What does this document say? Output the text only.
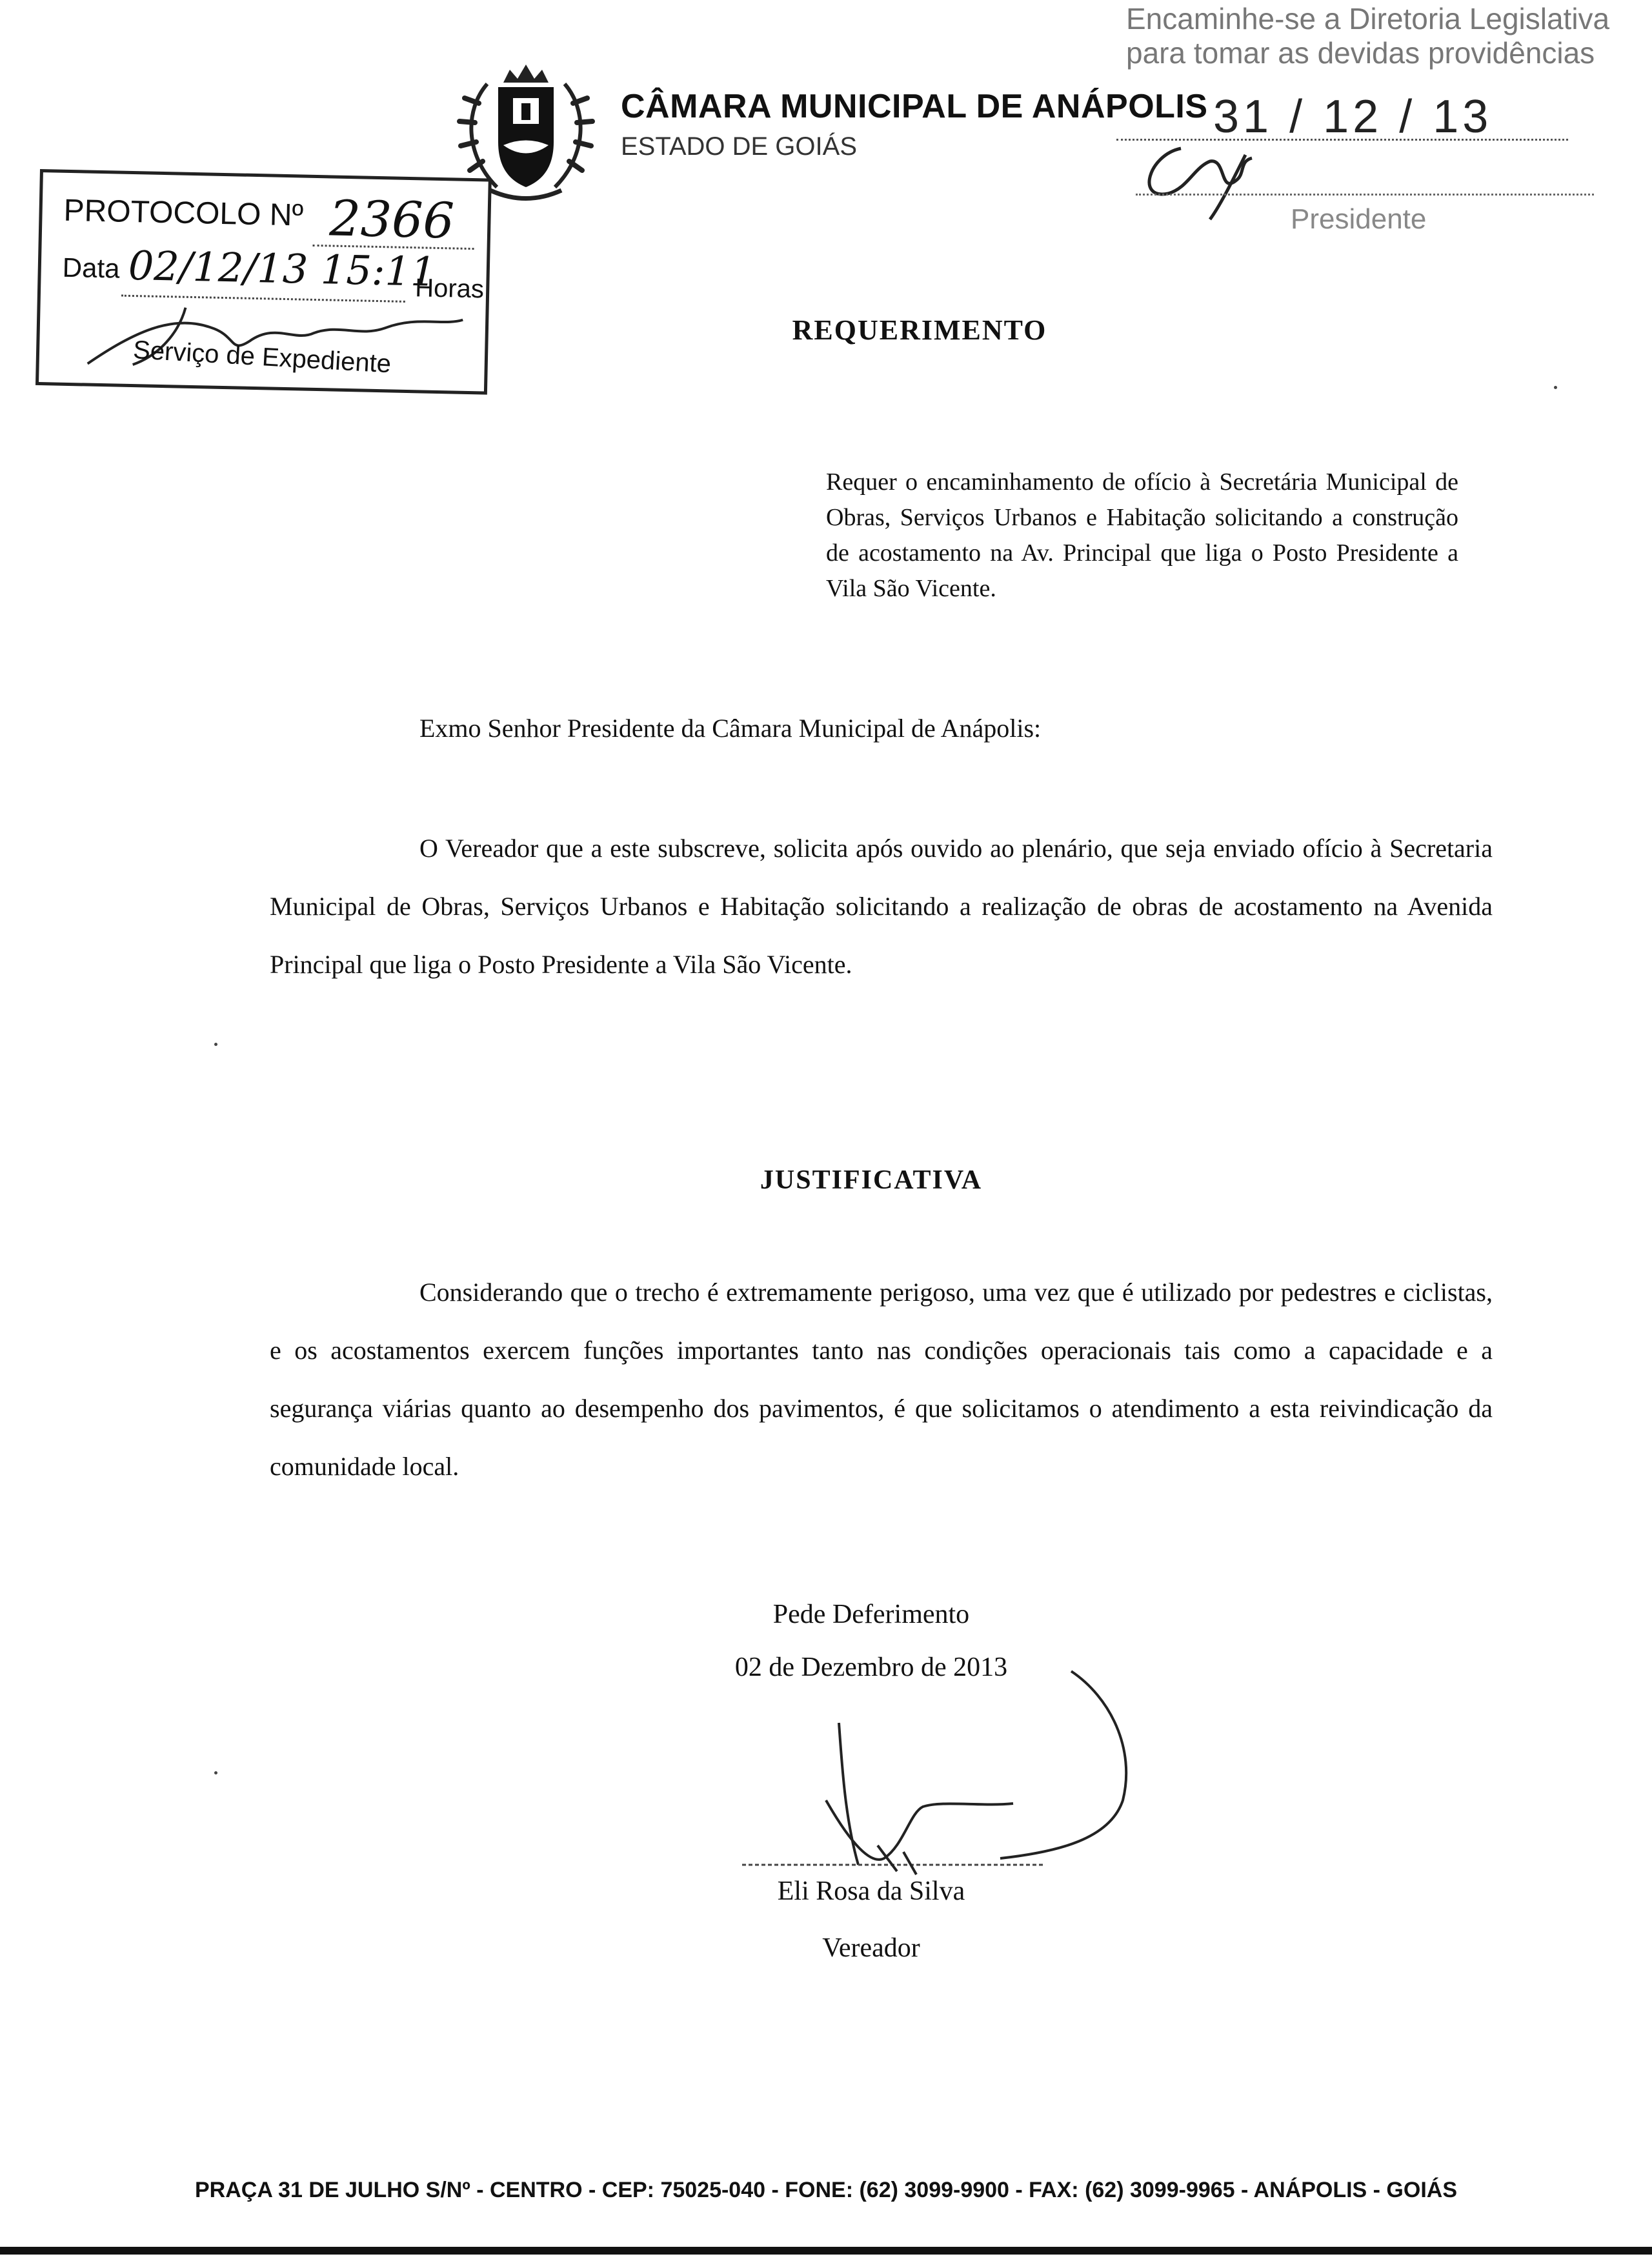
CÂMARA MUNICIPAL DE ANÁPOLIS
ESTADO DE GOIÁS
Encaminhe-se a Diretoria Legislativa
para tomar as devidas providências
31 / 12 / 13
Presidente
PROTOCOLO Nº 2366
Data 02/12/13 15:11
Horas
Serviço de Expediente
REQUERIMENTO
Requer o encaminhamento de ofício à Secretária Municipal de Obras, Serviços Urbanos e Habitação solicitando a construção de acostamento na Av. Principal que liga o Posto Presidente a Vila São Vicente.
Exmo Senhor Presidente da Câmara Municipal de Anápolis:

O Vereador que a este subscreve, solicita após ouvido ao plenário, que seja enviado ofício à Secretaria Municipal de Obras, Serviços Urbanos e Habitação solicitando a realização de obras de acostamento na Avenida Principal que liga o Posto Presidente a Vila São Vicente.

JUSTIFICATIVA

Considerando que o trecho é extremamente perigoso, uma vez que é utilizado por pedestres e ciclistas, e os acostamentos exercem funções importantes tanto nas condições operacionais tais como a capacidade e a segurança viárias quanto ao desempenho dos pavimentos, é que solicitamos o atendimento a esta reivindicação da comunidade local.

Pede Deferimento
02 de Dezembro de 2013
Eli Rosa da Silva
Vereador
PRAÇA 31 DE JULHO S/Nº - CENTRO - CEP: 75025-040 - FONE: (62) 3099-9900 - FAX: (62) 3099-9965 - ANÁPOLIS - GOIÁS
